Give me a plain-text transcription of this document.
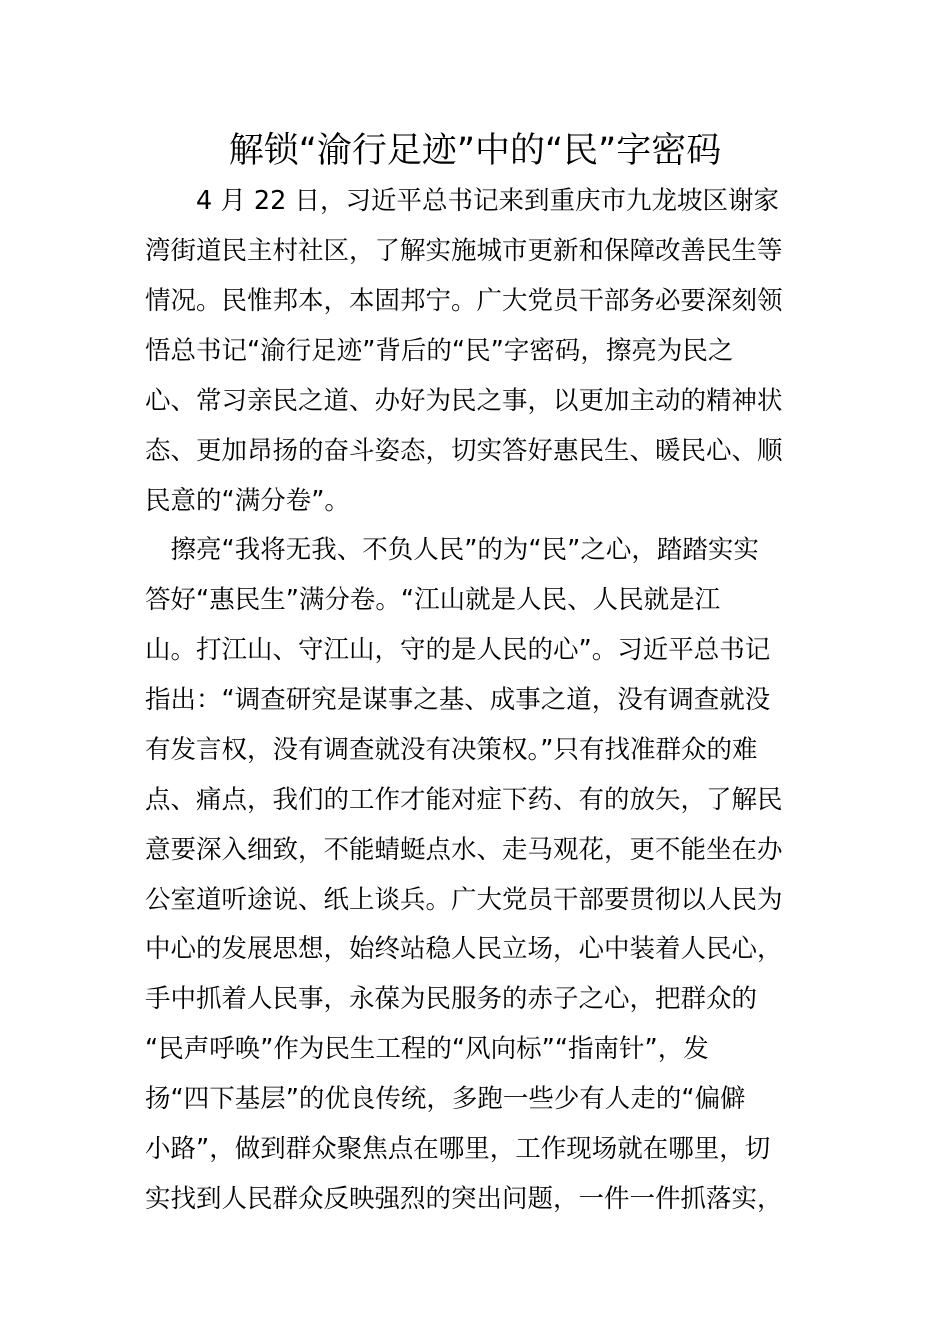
解锁“渝行足迹”中的“民”字密码
　　4 月 22 日，习近平总书记来到重庆市九龙坡区谢家
湾街道民主村社区，了解实施城市更新和保障改善民生等
情况。民惟邦本，本固邦宁。广大党员干部务必要深刻领
悟总书记“渝行足迹”背后的“民”字密码，擦亮为民之
心、常习亲民之道、办好为民之事，以更加主动的精神状
态、更加昂扬的奋斗姿态，切实答好惠民生、暖民心、顺
民意的“满分卷”。
　擦亮“我将无我、不负人民”的为“民”之心，踏踏实实
答好“惠民生”满分卷。“江山就是人民、人民就是江
山。打江山、守江山，守的是人民的心”。习近平总书记
指出：“调查研究是谋事之基、成事之道，没有调查就没
有发言权，没有调查就没有决策权。”只有找准群众的难
点、痛点，我们的工作才能对症下药、有的放矢，了解民
意要深入细致，不能蜻蜓点水、走马观花，更不能坐在办
公室道听途说、纸上谈兵。广大党员干部要贯彻以人民为
中心的发展思想，始终站稳人民立场，心中装着人民心，
手中抓着人民事，永葆为民服务的赤子之心，把群众的
“民声呼唤”作为民生工程的“风向标”“指南针”，发
扬“四下基层”的优良传统，多跑一些少有人走的“偏僻
小路”，做到群众聚焦点在哪里，工作现场就在哪里，切
实找到人民群众反映强烈的突出问题，一件一件抓落实，
